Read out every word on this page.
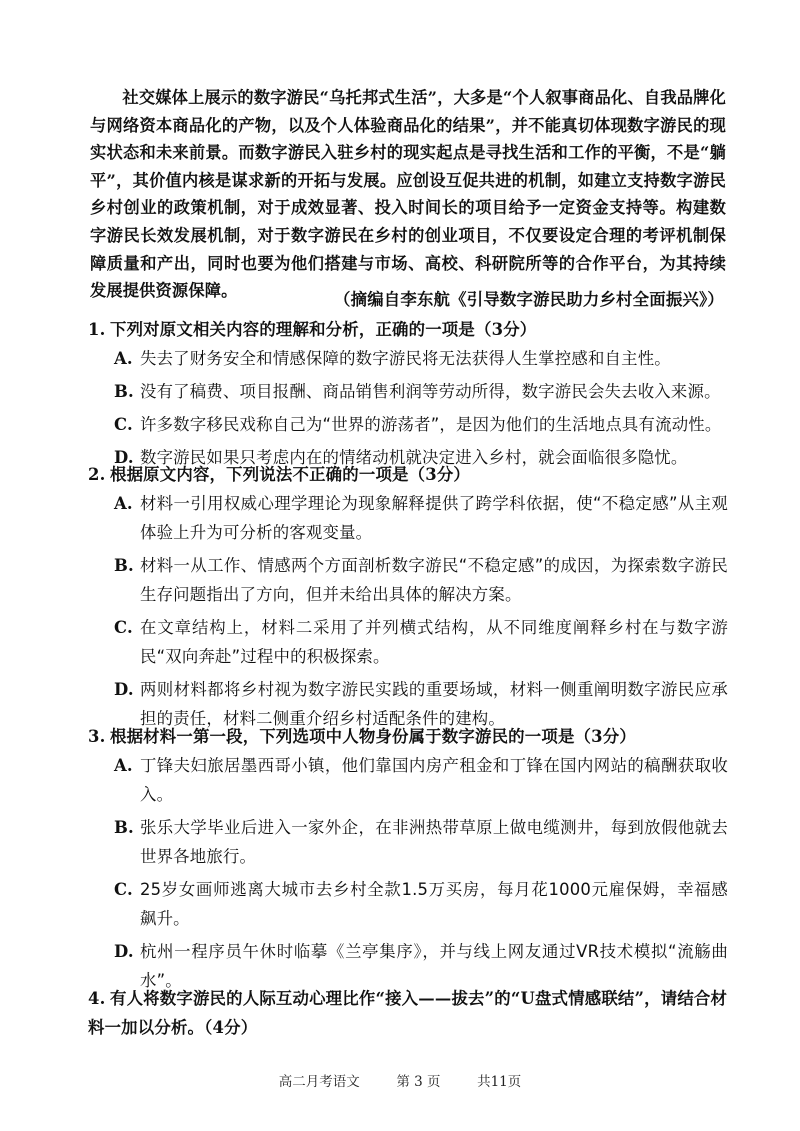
社交媒体上展示的数字游民“乌托邦式生活”，大多是“个人叙事商品化、自我品牌化与网络资本商品化的产物，以及个人体验商品化的结果”，并不能真切体现数字游民的现实状态和未来前景。而数字游民入驻乡村的现实起点是寻找生活和工作的平衡，不是“躺平”，其价值内核是谋求新的开拓与发展。应创设互促共进的机制，如建立支持数字游民乡村创业的政策机制，对于成效显著、投入时间长的项目给予一定资金支持等。构建数字游民长效发展机制，对于数字游民在乡村的创业项目，不仅要设定合理的考评机制保障质量和产出，同时也要为他们搭建与市场、高校、科研院所等的合作平台，为其持续发展提供资源保障。	（摘编自李东航《引导数字游民助力乡村全面振兴》）
1. 下列对原文相关内容的理解和分析，正确的一项是（3分）
A. 失去了财务安全和情感保障的数字游民将无法获得人生掌控感和自主性。
B. 没有了稿费、项目报酬、商品销售利润等劳动所得，数字游民会失去收入来源。
C. 许多数字移民戏称自己为“世界的游荡者”，是因为他们的生活地点具有流动性。
D. 数字游民如果只考虑内在的情绪动机就决定进入乡村，就会面临很多隐忧。
2. 根据原文内容，下列说法不正确的一项是（3分）
A. 材料一引用权威心理学理论为现象解释提供了跨学科依据，使“不稳定感”从主观体验上升为可分析的客观变量。
B. 材料一从工作、情感两个方面剖析数字游民“不稳定感”的成因，为探索数字游民生存问题指出了方向，但并未给出具体的解决方案。
C. 在文章结构上，材料二采用了并列横式结构，从不同维度阐释乡村在与数字游民“双向奔赴”过程中的积极探索。
D. 两则材料都将乡村视为数字游民实践的重要场域，材料一侧重阐明数字游民应承担的责任，材料二侧重介绍乡村适配条件的建构。
3. 根据材料一第一段，下列选项中人物身份属于数字游民的一项是（3分）
A. 丁锋夫妇旅居墨西哥小镇，他们靠国内房产租金和丁锋在国内网站的稿酬获取收入。
B. 张乐大学毕业后进入一家外企，在非洲热带草原上做电缆测井，每到放假他就去世界各地旅行。
C. 25岁女画师逃离大城市去乡村全款1.5万买房，每月花1000元雇保姆，幸福感飙升。
D. 杭州一程序员午休时临摹《兰亭集序》，并与线上网友通过VR技术模拟“流觞曲水”。
4. 有人将数字游民的人际互动心理比作“接入——拔去”的“U盘式情感联结”，请结合材料一加以分析。（4分）
高二月考语文	第 3 页	共11页
